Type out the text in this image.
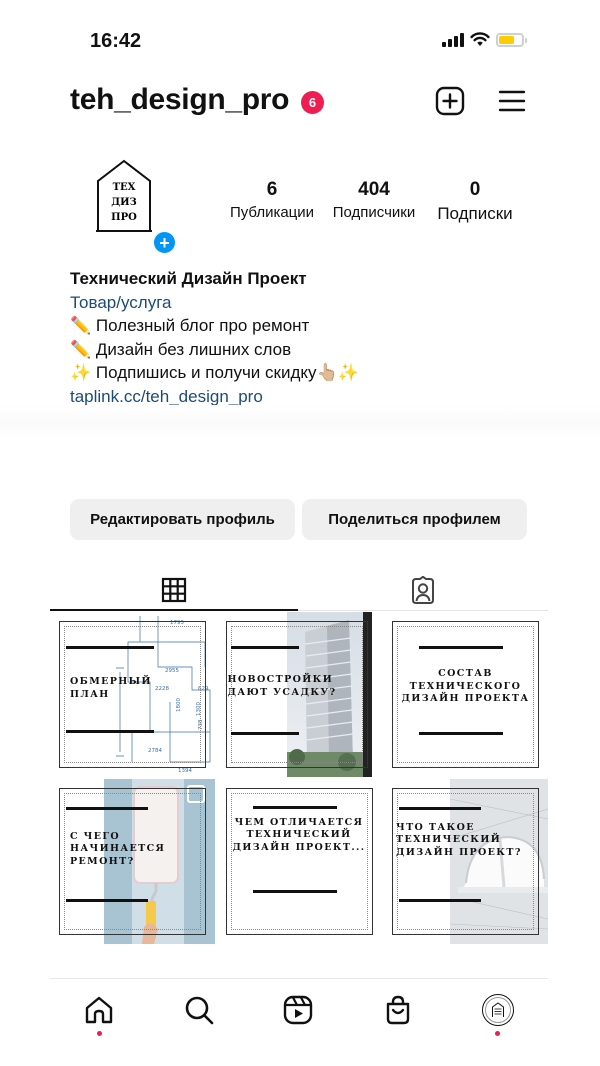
16:42
teh_design_pro	6
ТЕХ
ДИЗ
ПРО
+
6
Публикации
404
Подписчики
0
Подписки
Технический Дизайн Проект
Товар/услуга
✏️ Полезный блог про ремонт
✏️ Дизайн без лишних слов
✨ Подпишись и получи скидку👆🏼✨
taplink.cc/teh_design_pro
Редактировать профиль	Поделиться профилем
1795
2955
2228	629
1800	1300
2784
1394
738
ОБМЕРНЫЙ ПЛАН
НОВОСТРОЙКИ ДАЮТ УСАДКУ?
СОСТАВ ТЕХНИЧЕСКОГО ДИЗАЙН ПРОЕКТА
С ЧЕГО НАЧИНАЕТСЯ РЕМОНТ?
ЧЕМ ОТЛИЧАЕТСЯ ТЕХНИЧЕСКИЙ ДИЗАЙН ПРОЕКТ...
ЧТО ТАКОЕ ТЕХНИЧЕСКИЙ ДИЗАЙН ПРОЕКТ?
